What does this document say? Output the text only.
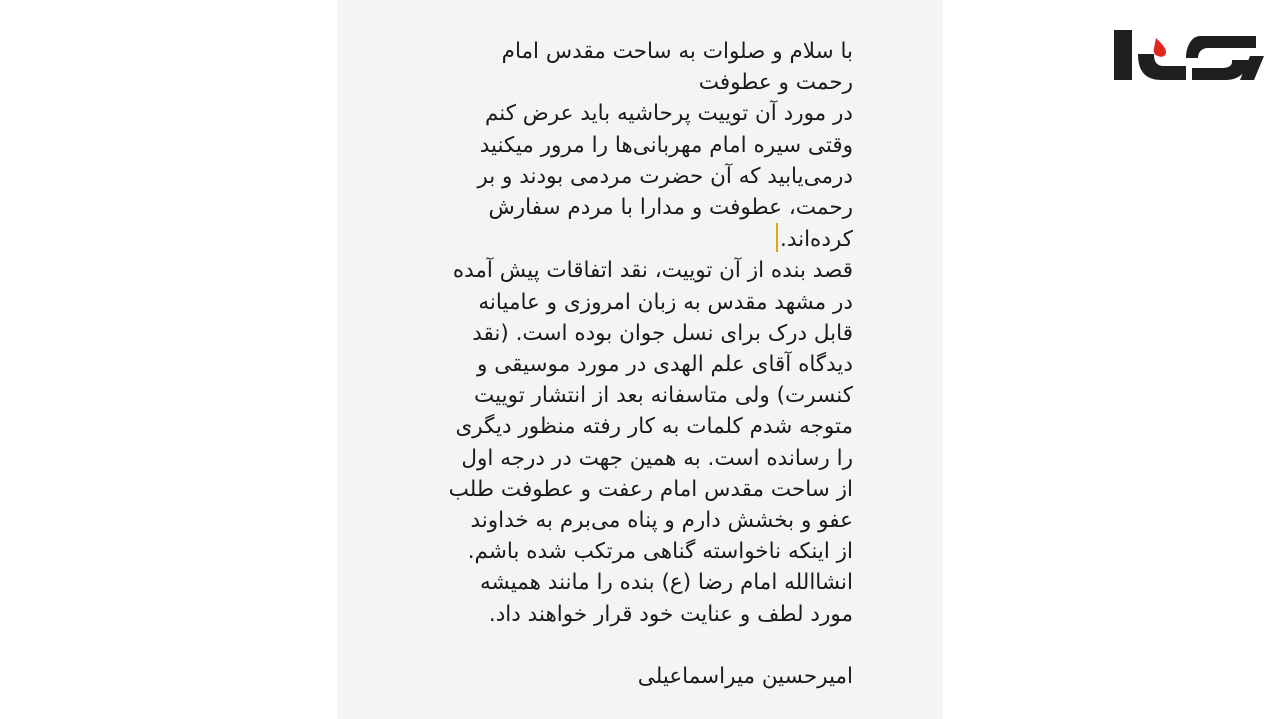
با سلام و صلوات به ساحت مقدس امام
رحمت و عطوفت
در مورد آن توییت پرحاشیه باید عرض کنم
وقتی سیره امام مهربانی‌ها را مرور میکنید
درمی‌یابید که آن حضرت مردمی بودند و بر
رحمت، عطوفت و مدارا با مردم سفارش
کرده‌اند.
قصد بنده از آن توییت، نقد اتفاقات پیش آمده
در مشهد مقدس به زبان امروزی و عامیانه
قابل درک برای نسل جوان بوده است. (نقد
دیدگاه آقای علم الهدی در مورد موسیقی و
کنسرت) ولی متاسفانه بعد از انتشار توییت
متوجه شدم کلمات به کار رفته منظور دیگری
را رسانده است. به همین جهت در درجه اول
از ساحت مقدس امام رعفت و عطوفت طلب
عفو و بخشش دارم و پناه می‌برم به خداوند
از اینکه ناخواسته گناهی مرتکب شده باشم.
انشاالله امام رضا (ع) بنده را مانند همیشه
مورد لطف و عنایت خود قرار خواهند داد.
امیرحسین میراسماعیلی
